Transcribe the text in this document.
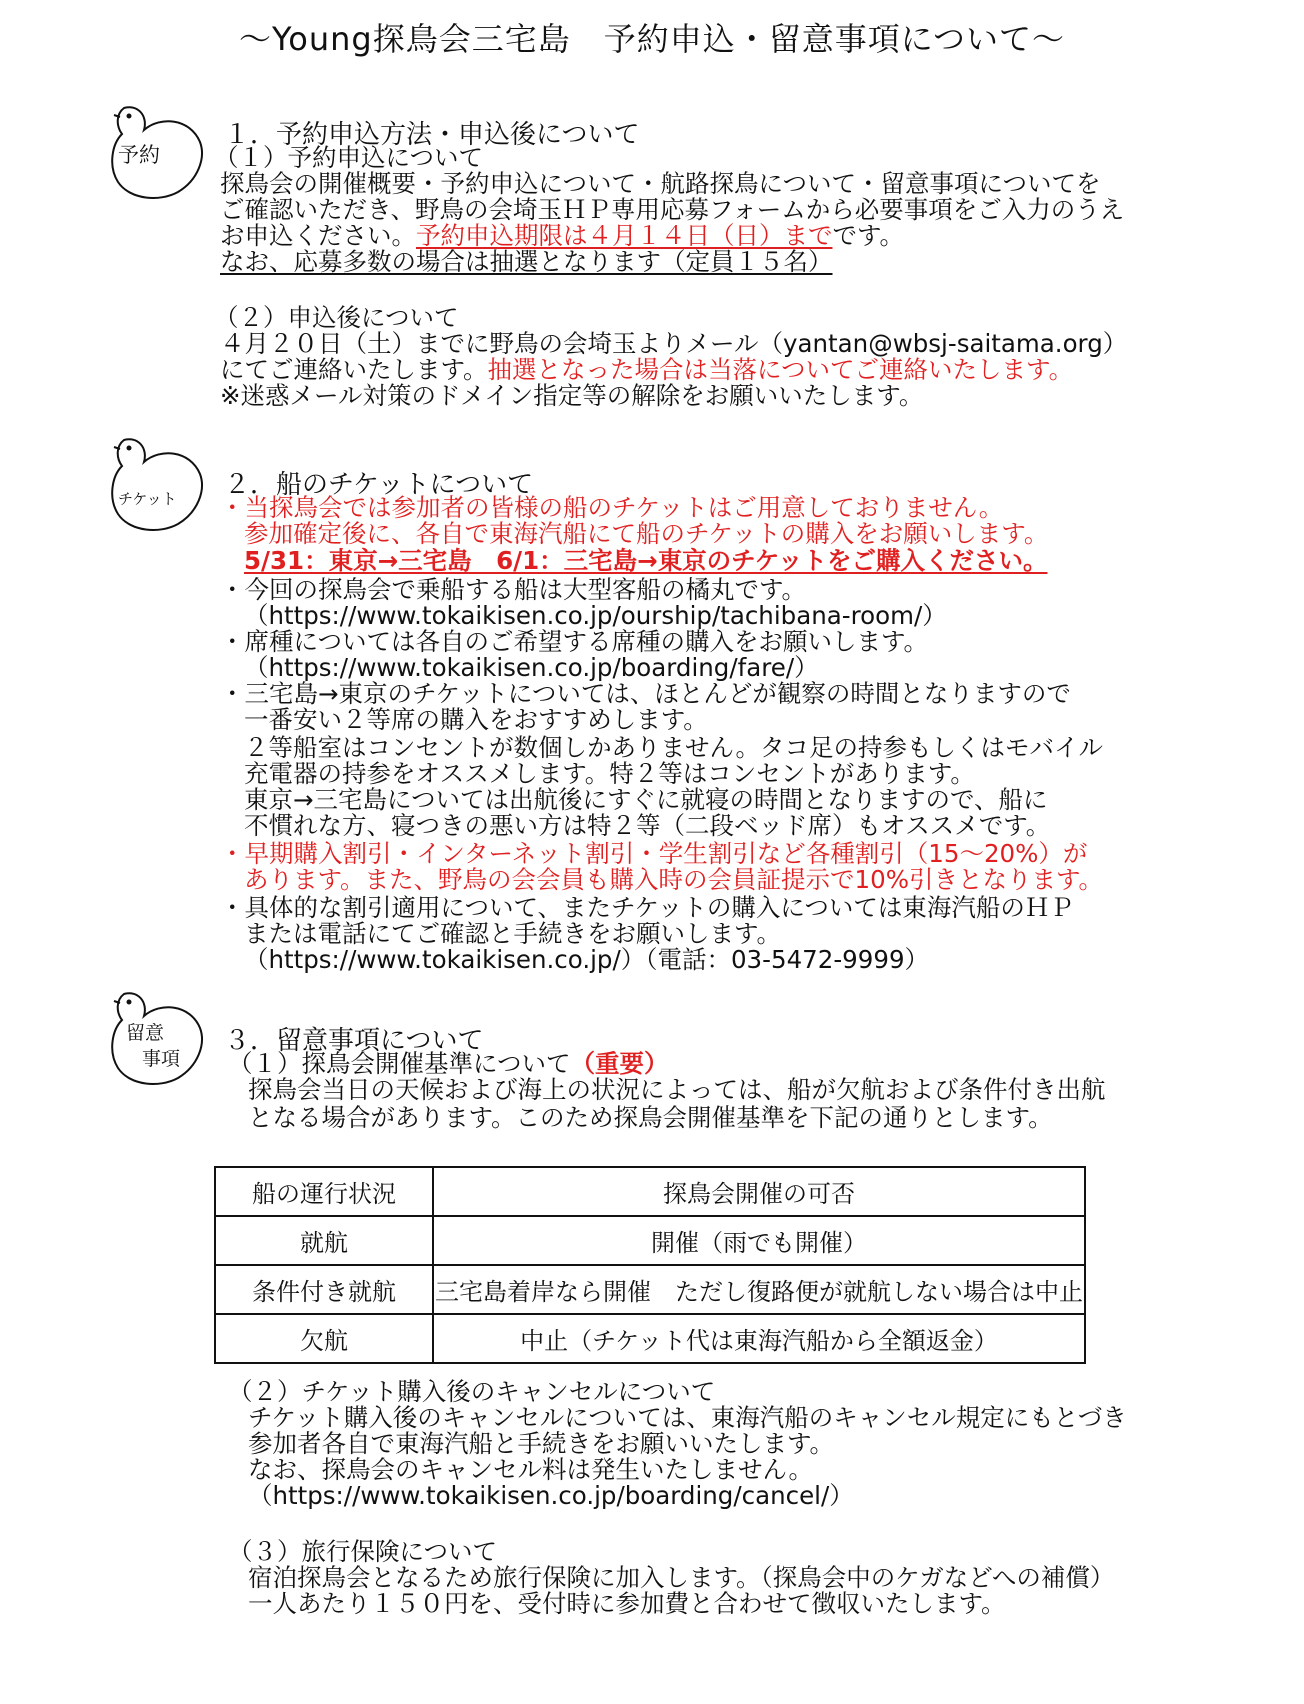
～Young探鳥会三宅島　予約申込・留意事項について～
予約
１．予約申込方法・申込後について
（１）予約申込について
探鳥会の開催概要・予約申込について・航路探鳥について・留意事項についてを
ご確認いただき、野鳥の会埼玉ＨＰ専用応募フォームから必要事項をご入力のうえ
お申込ください。予約申込期限は４月１４日（日）までです。
なお、応募多数の場合は抽選となります（定員１５名）
（２）申込後について
４月２０日（土）までに野鳥の会埼玉よりメール（yantan@wbsj-saitama.org）
にてご連絡いたします。抽選となった場合は当落についてご連絡いたします。
※迷惑メール対策のドメイン指定等の解除をお願いいたします。
チケット ２．船のチケットについて
・当探鳥会では参加者の皆様の船のチケットはご用意しておりません。
参加確定後に、各自で東海汽船にて船のチケットの購入をお願いします。
5/31：東京→三宅島　6/1：三宅島→東京のチケットをご購入ください。
・今回の探鳥会で乗船する船は大型客船の橘丸です。
（https://www.tokaikisen.co.jp/ourship/tachibana-room/）
・席種については各自のご希望する席種の購入をお願いします。
（https://www.tokaikisen.co.jp/boarding/fare/）
・三宅島→東京のチケットについては、ほとんどが観察の時間となりますので
一番安い２等席の購入をおすすめします。
２等船室はコンセントが数個しかありません。タコ足の持参もしくはモバイル
充電器の持参をオススメします。特２等はコンセントがあります。
東京→三宅島については出航後にすぐに就寝の時間となりますので、船に
不慣れな方、寝つきの悪い方は特２等（二段ベッド席）もオススメです。
・早期購入割引・インターネット割引・学生割引など各種割引（15～20%）が
あります。また、野鳥の会会員も購入時の会員証提示で10%引きとなります。
・具体的な割引適用について、またチケットの購入については東海汽船のＨＰ
または電話にてご確認と手続きをお願いします。
（https://www.tokaikisen.co.jp/）（電話：03-5472-9999）
留意
事項
３．留意事項について
（１）探鳥会開催基準について（重要）
探鳥会当日の天候および海上の状況によっては、船が欠航および条件付き出航
となる場合があります。このため探鳥会開催基準を下記の通りとします。
船の運行状況	探鳥会開催の可否
就航	開催（雨でも開催）
条件付き就航	三宅島着岸なら開催　ただし復路便が就航しない場合は中止
欠航	中止（チケット代は東海汽船から全額返金）
（２）チケット購入後のキャンセルについて
チケット購入後のキャンセルについては、東海汽船のキャンセル規定にもとづき
参加者各自で東海汽船と手続きをお願いいたします。
なお、探鳥会のキャンセル料は発生いたしません。
（https://www.tokaikisen.co.jp/boarding/cancel/）
（３）旅行保険について
宿泊探鳥会となるため旅行保険に加入します。（探鳥会中のケガなどへの補償）
一人あたり１５０円を、受付時に参加費と合わせて徴収いたします。
